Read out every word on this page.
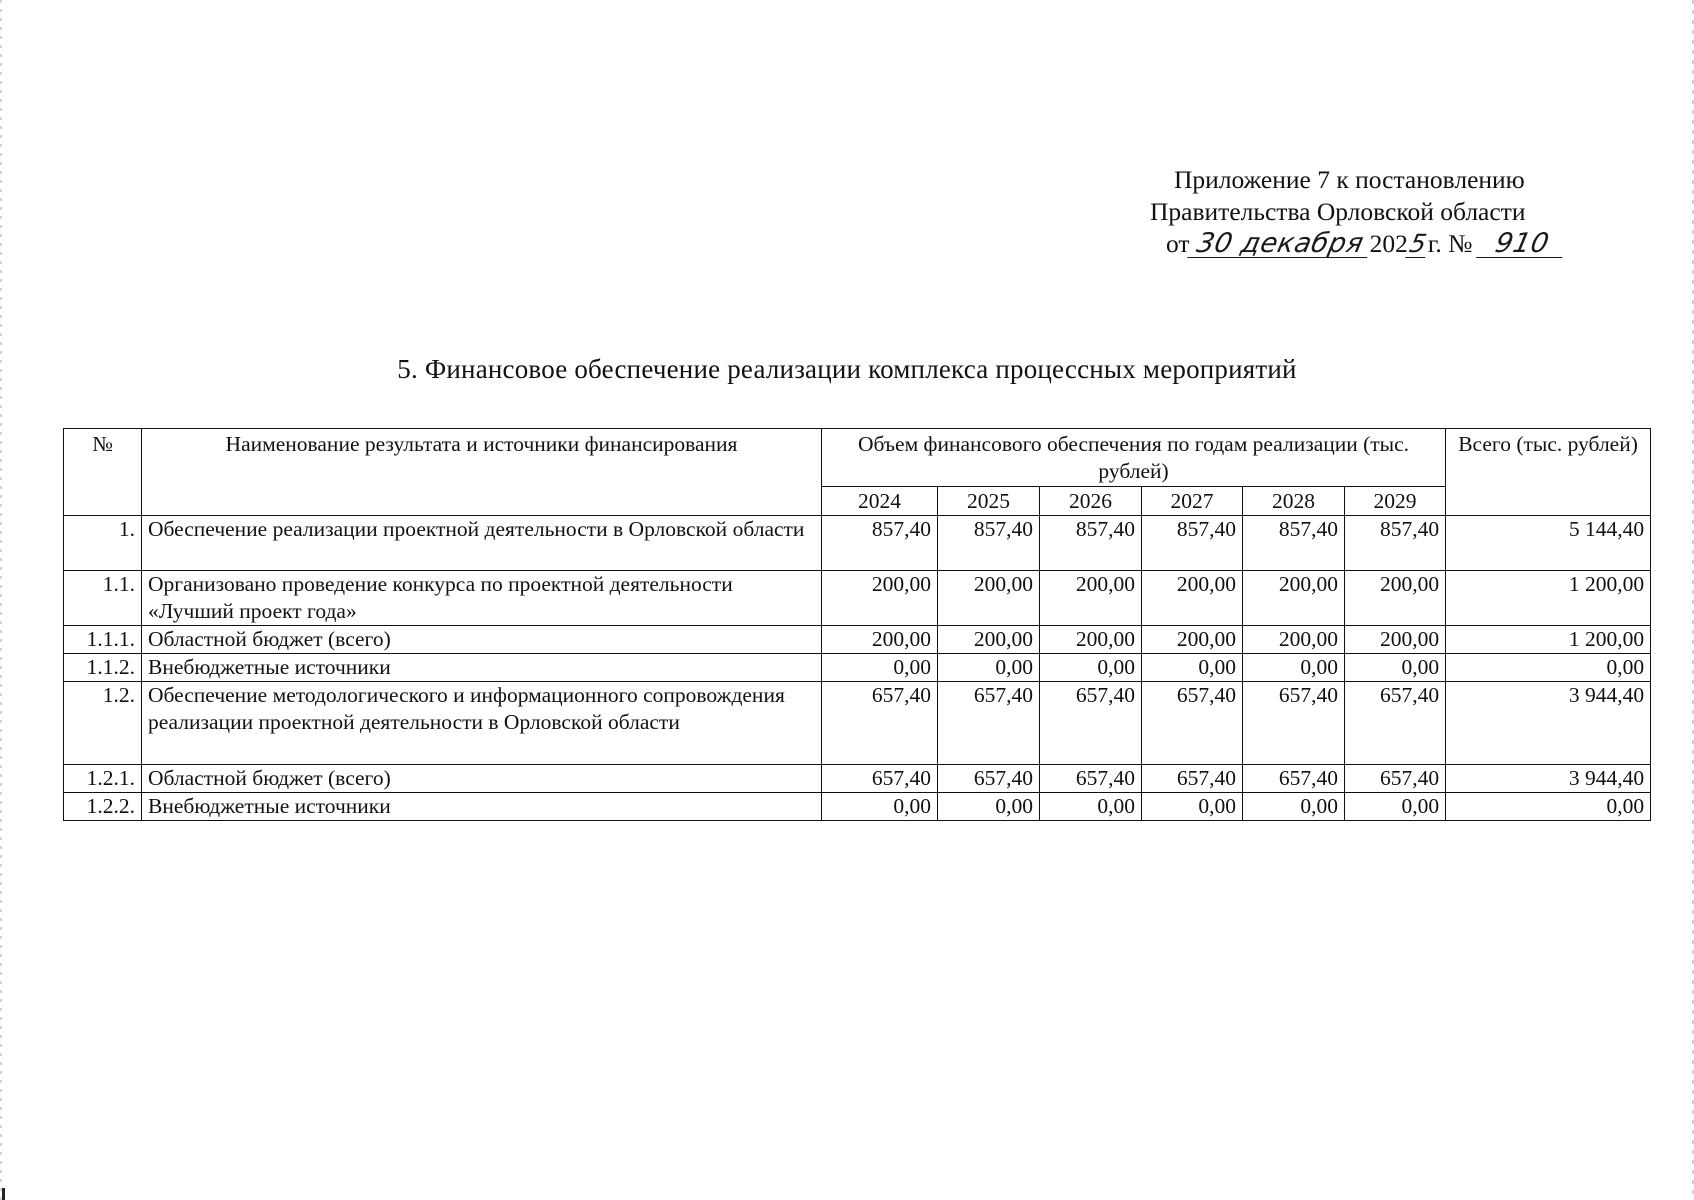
Приложение 7 к постановлению
Правительства Орловской области
от 30 декабря 2025г. № 910
5. Финансовое обеспечение реализации комплекса процессных мероприятий
№	Наименование результата и источники финансирования	Объем финансового обеспечения по годам реализации (тыс. рублей)						Всего (тыс. рублей)
		2024	2025	2026	2027	2028	2029	
1.	Обеспечение реализации проектной деятельности в Орловской области	857,40	857,40	857,40	857,40	857,40	857,40	5 144,40
1.1.	Организовано проведение конкурса по проектной деятельности «Лучший проект года»	200,00	200,00	200,00	200,00	200,00	200,00	1 200,00
1.1.1.	Областной бюджет (всего)	200,00	200,00	200,00	200,00	200,00	200,00	1 200,00
1.1.2.	Внебюджетные источники	0,00	0,00	0,00	0,00	0,00	0,00	0,00
1.2.	Обеспечение методологического и информационного сопровождения реализации проектной деятельности в Орловской области	657,40	657,40	657,40	657,40	657,40	657,40	3 944,40
1.2.1.	Областной бюджет (всего)	657,40	657,40	657,40	657,40	657,40	657,40	3 944,40
1.2.2.	Внебюджетные источники	0,00	0,00	0,00	0,00	0,00	0,00	0,00
